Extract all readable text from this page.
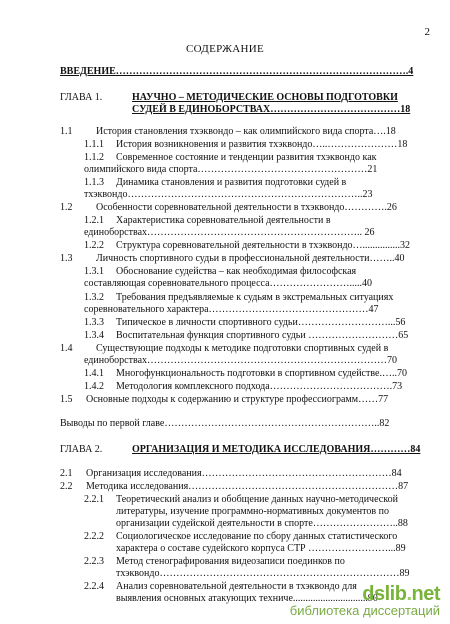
2
СОДЕРЖАНИЕ
ВВЕДЕНИЕ…………………………………………………………………………….4
ГЛАВА 1.	НАУЧНО – МЕТОДИЧЕСКИЕ ОСНОВЫ ПОДГОТОВКИ
СУДЕЙ В ЕДИНОБОРСТВАХ…………………………………18
1.1 История становления тхэквондо – как олимпийского вида спорта….18
1.1.1 История возникновения и развития тхэквондо…..…………………18
1.1.2 Современное состояние и тенденции развития тхэквондо как
олимпийского вида спорта……………………………………………21
1.1.3 Динамика становления и развития подготовки судей в
тхэквондо……………………………………………………………..23
1.2 Особенности соревновательной деятельности в тхэквондо………….26
1.2.1 Характеристика соревновательной деятельности в
единоборствах……………………………………………………….. 26
1.2.2 Структура соревновательной деятельности в тхэквондо…...............32
1.3 Личность спортивного судьи в профессиональной деятельности……..40
1.3.1 Обоснование судейства – как необходимая философская
составляющая соревновательного процесса…………………….....40
1.3.2 Требования предъявляемые к судьям в экстремальных ситуациях
соревновательного характера…………………………………………47
1.3.3 Типическое в личности спортивного судьи………………………...56
1.3.4 Воспитательная функция спортивного судьи ………………………65
1.4 Существующие подходы к методике подготовки спортивных судей в
единоборствах………………………………………………………………70
1.4.1 Многофункциональность подготовки в спортивном судействе.…..70
1.4.2 Методология комплексного подхода……………………………….73
1.5 Основные подходы к содержанию и структуре профессиограмм……77
Выводы по первой главе………………………………………………………..82
ГЛАВА 2.	ОРГАНИЗАЦИЯ И МЕТОДИКА ИССЛЕДОВАНИЯ…………84
2.1 Организация исследования…………………………………………………84
2.2 Методика исследования………………………………………………………87
2.2.1 Теоретический анализ и обобщение данных научно-методической
литературы, изучение программно-нормативных документов по
организации судейской деятельности в спорте……………………..88
2.2.2 Социологическое исследование по сбору данных статистического
характера о составе судейского корпуса СТР ……………………...89
2.2.3 Метод стенографирования видеозаписи поединков по
тхэквондо………………………………………………………………89
2.2.4 Анализ соревновательной деятельности в тхэквондо для
выявления основных атакующих техниче..............................90
dslib.net
библиотека диссертаций
